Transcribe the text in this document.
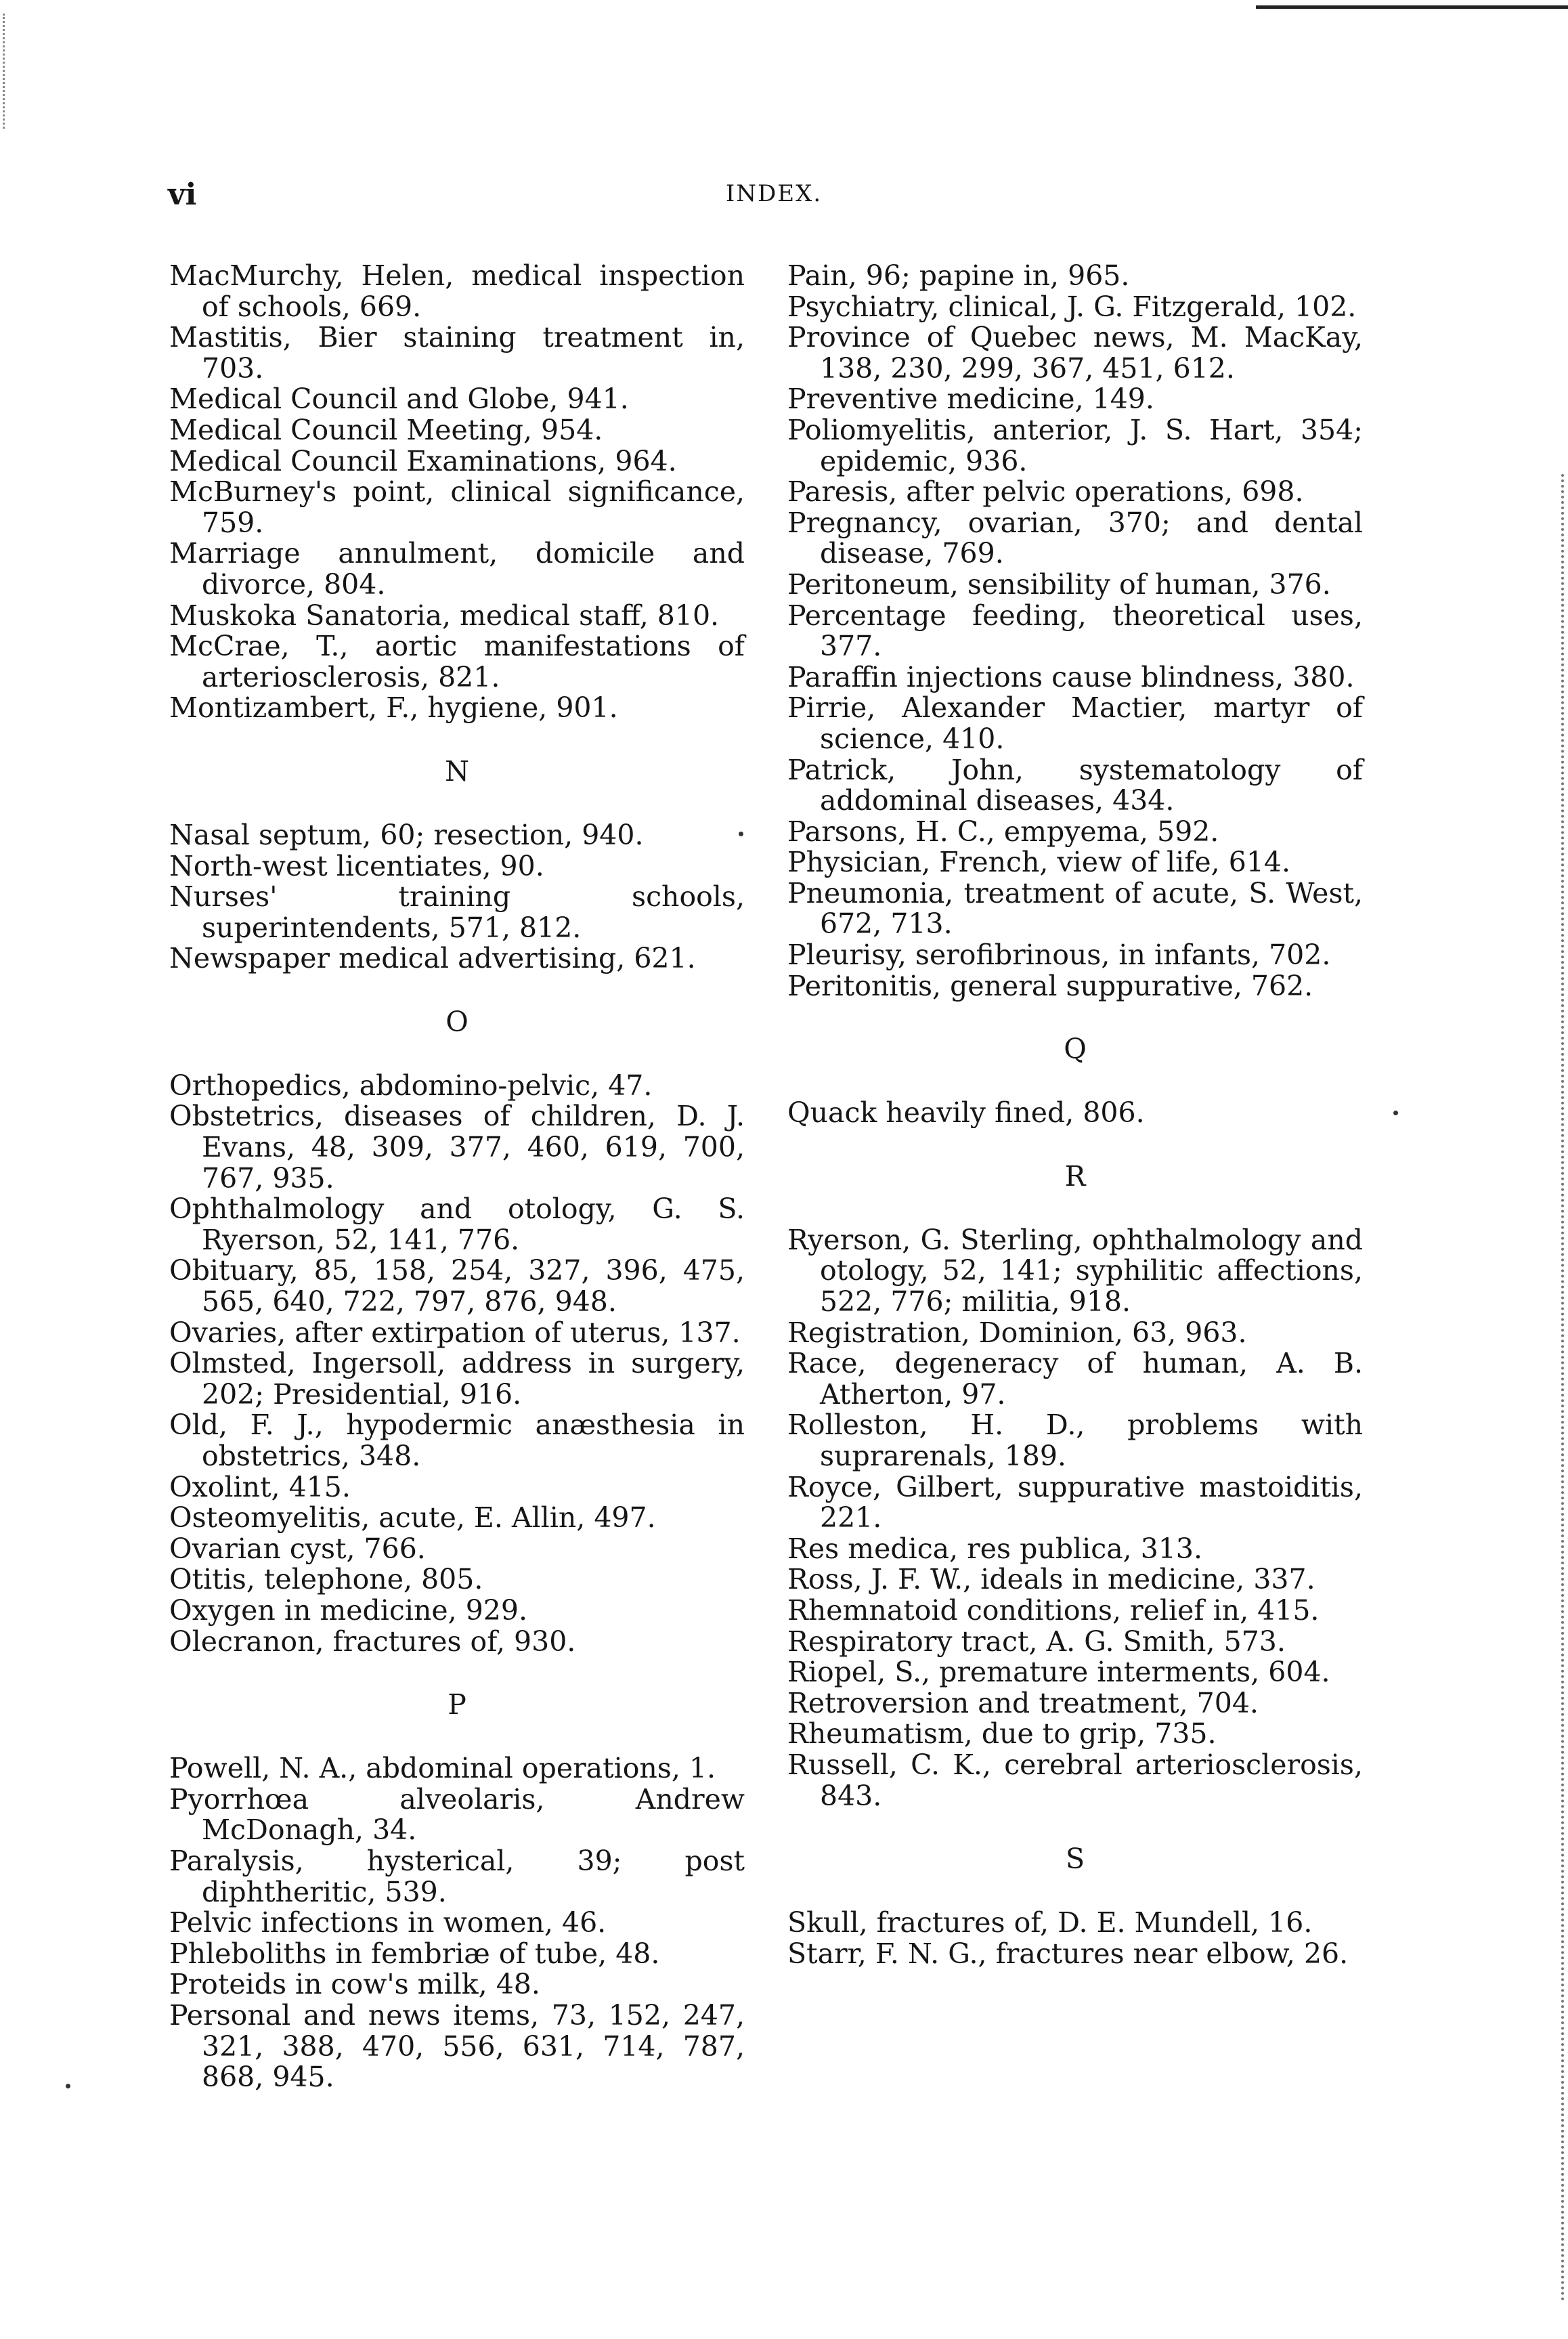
vi	INDEX.
MacMurchy, Helen, medical inspection of schools, 669.
Mastitis, Bier staining treatment in, 703.
Medical Council and Globe, 941.
Medical Council Meeting, 954.
Medical Council Examinations, 964.
McBurney's point, clinical significance, 759.
Marriage annulment, domicile and divorce, 804.
Muskoka Sanatoria, medical staff, 810.
McCrae, T., aortic manifestations of arteriosclerosis, 821.
Montizambert, F., hygiene, 901.
N
Nasal septum, 60; resection, 940.
North-west licentiates, 90.
Nurses' training schools, superintendents, 571, 812.
Newspaper medical advertising, 621.
O
Orthopedics, abdomino-pelvic, 47.
Obstetrics, diseases of children, D. J. Evans, 48, 309, 377, 460, 619, 700, 767, 935.
Ophthalmology and otology, G. S. Ryerson, 52, 141, 776.
Obituary, 85, 158, 254, 327, 396, 475, 565, 640, 722, 797, 876, 948.
Ovaries, after extirpation of uterus, 137.
Olmsted, Ingersoll, address in surgery, 202; Presidential, 916.
Old, F. J., hypodermic anæsthesia in obstetrics, 348.
Oxolint, 415.
Osteomyelitis, acute, E. Allin, 497.
Ovarian cyst, 766.
Otitis, telephone, 805.
Oxygen in medicine, 929.
Olecranon, fractures of, 930.
P
Powell, N. A., abdominal operations, 1.
Pyorrhœa alveolaris, Andrew McDonagh, 34.
Paralysis, hysterical, 39; post diphtheritic, 539.
Pelvic infections in women, 46.
Phleboliths in fembriæ of tube, 48.
Proteids in cow's milk, 48.
Personal and news items, 73, 152, 247, 321, 388, 470, 556, 631, 714, 787, 868, 945.
Pain, 96; papine in, 965.
Psychiatry, clinical, J. G. Fitzgerald, 102.
Province of Quebec news, M. MacKay, 138, 230, 299, 367, 451, 612.
Preventive medicine, 149.
Poliomyelitis, anterior, J. S. Hart, 354; epidemic, 936.
Paresis, after pelvic operations, 698.
Pregnancy, ovarian, 370; and dental disease, 769.
Peritoneum, sensibility of human, 376.
Percentage feeding, theoretical uses, 377.
Paraffin injections cause blindness, 380.
Pirrie, Alexander Mactier, martyr of science, 410.
Patrick, John, systematology of addominal diseases, 434.
Parsons, H. C., empyema, 592.
Physician, French, view of life, 614.
Pneumonia, treatment of acute, S. West, 672, 713.
Pleurisy, serofibrinous, in infants, 702.
Peritonitis, general suppurative, 762.
Q
Quack heavily fined, 806.
R
Ryerson, G. Sterling, ophthalmology and otology, 52, 141; syphilitic affections, 522, 776; militia, 918.
Registration, Dominion, 63, 963.
Race, degeneracy of human, A. B. Atherton, 97.
Rolleston, H. D., problems with suprarenals, 189.
Royce, Gilbert, suppurative mastoiditis, 221.
Res medica, res publica, 313.
Ross, J. F. W., ideals in medicine, 337.
Rhemnatoid conditions, relief in, 415.
Respiratory tract, A. G. Smith, 573.
Riopel, S., premature interments, 604.
Retroversion and treatment, 704.
Rheumatism, due to grip, 735.
Russell, C. K., cerebral arteriosclerosis, 843.
S
Skull, fractures of, D. E. Mundell, 16.
Starr, F. N. G., fractures near elbow, 26.
